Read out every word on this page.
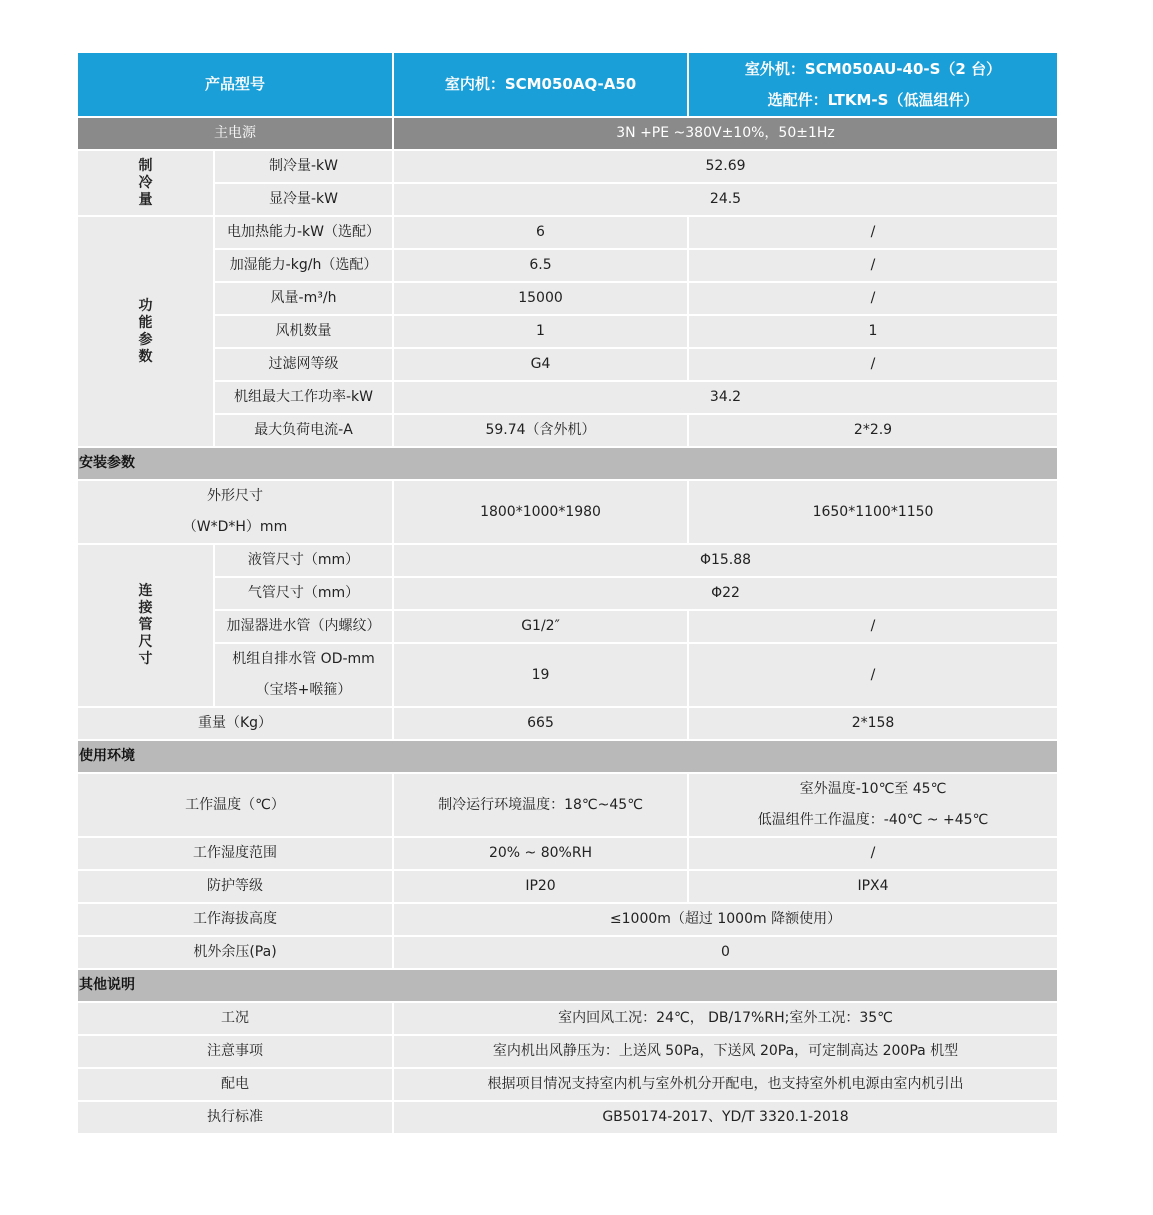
产品型号		室内机：SCM050AQ-A50	室外机：SCM050AU-40-S（2 台）
选配件：LTKM-S（低温组件）

主电源		3N +PE ~380V±10%，50±1Hz	
制冷量	制冷量-kW	52.69	
	显冷量-kW	24.5	
功能参数	电加热能力-kW（选配）	6	/
	加湿能力-kg/h（选配）	6.5	/
	风量-m³/h	15000	/
	风机数量	1	1
	过滤网等级	G4	/
	机组最大工作功率-kW	34.2	
	最大负荷电流-A	59.74（含外机）	2*2.9
安装参数			

外形尺寸
（W*D*H）mm		1800*1000*1980	1650*1100*1150
连接管尺寸	液管尺寸（mm）	Φ15.88	
	气管尺寸（mm）	Φ22	
	加湿器进水管（内螺纹）	G1/2″	/

	机组自排水管 OD-mm
（宝塔+喉箍）	19	/
重量（Kg）		665	2*158
使用环境			
工作温度（℃）		制冷运行环境温度：18℃~45℃	室外温度-10℃至 45℃
低温组件工作温度：-40℃ ~ +45℃

工作湿度范围		20% ~ 80%RH	/
防护等级		IP20	IPX4
工作海拔高度		≤1000m（超过 1000m 降额使用）	
机外余压(Pa)		0	
其他说明			
工况		室内回风工况：24℃， DB/17%RH;室外工况：35℃	
注意事项		室内机出风静压为：上送风 50Pa，下送风 20Pa，可定制高达 200Pa 机型	
配电		根据项目情况支持室内机与室外机分开配电，也支持室外机电源由室内机引出	
执行标准		GB50174-2017、YD/T 3320.1-2018	
